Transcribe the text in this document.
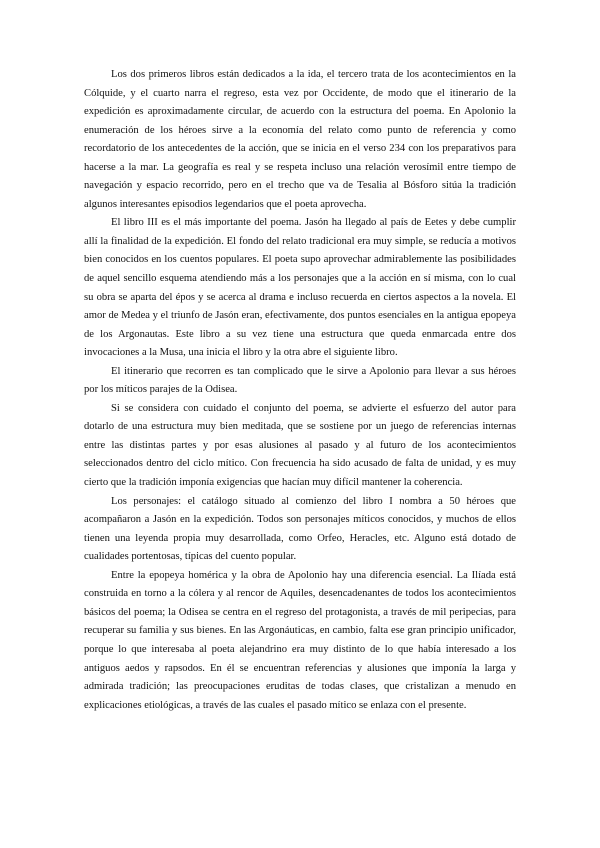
Los dos primeros libros están dedicados a la ida, el tercero trata de los acontecimientos en la Cólquide, y el cuarto narra el regreso, esta vez por Occidente, de modo que el itinerario de la expedición es aproximadamente circular, de acuerdo con la estructura del poema. En Apolonio la enumeración de los héroes sirve a la economía del relato como punto de referencia y como recordatorio de los antecedentes de la acción, que se inicia en el verso 234 con los preparativos para hacerse a la mar. La geografía es real y se respeta incluso una relación verosímil entre tiempo de navegación y espacio recorrido, pero en el trecho que va de Tesalia al Bósforo sitúa la tradición algunos interesantes episodios legendarios que el poeta aprovecha.

El libro III es el más importante del poema. Jasón ha llegado al país de Eetes y debe cumplir allí la finalidad de la expedición. El fondo del relato tradicional era muy simple, se reducía a motivos bien conocidos en los cuentos populares. El poeta supo aprovechar admirablemente las posibilidades de aquel sencillo esquema atendiendo más a los personajes que a la acción en sí misma, con lo cual su obra se aparta del épos y se acerca al drama e incluso recuerda en ciertos aspectos a la novela. El amor de Medea y el triunfo de Jasón eran, efectivamente, dos puntos esenciales en la antigua epopeya de los Argonautas. Este libro a su vez tiene una estructura que queda enmarcada entre dos invocaciones a la Musa, una inicia el libro y la otra abre el siguiente libro.

El itinerario que recorren es tan complicado que le sirve a Apolonio para llevar a sus héroes por los míticos parajes de la Odisea.

Si se considera con cuidado el conjunto del poema, se advierte el esfuerzo del autor para dotarlo de una estructura muy bien meditada, que se sostiene por un juego de referencias internas entre las distintas partes y por esas alusiones al pasado y al futuro de los acontecimientos seleccionados dentro del ciclo mítico. Con frecuencia ha sido acusado de falta de unidad, y es muy cierto que la tradición imponía exigencias que hacían muy difícil mantener la coherencia.

Los personajes: el catálogo situado al comienzo del libro I nombra a 50 héroes que acompañaron a Jasón en la expedición. Todos son personajes míticos conocidos, y muchos de ellos tienen una leyenda propia muy desarrollada, como Orfeo, Heracles, etc. Alguno está dotado de cualidades portentosas, típicas del cuento popular.

Entre la epopeya homérica y la obra de Apolonio hay una diferencia esencial. La Ilíada está construida en torno a la cólera y al rencor de Aquiles, desencadenantes de todos los acontecimientos básicos del poema; la Odisea se centra en el regreso del protagonista, a través de mil peripecias, para recuperar su familia y sus bienes. En las Argonáuticas, en cambio, falta ese gran principio unificador, porque lo que interesaba al poeta alejandrino era muy distinto de lo que había interesado a los antiguos aedos y rapsodos. En él se encuentran referencias y alusiones que imponía la larga y admirada tradición; las preocupaciones eruditas de todas clases, que cristalizan a menudo en explicaciones etiológicas, a través de las cuales el pasado mítico se enlaza con el presente.
